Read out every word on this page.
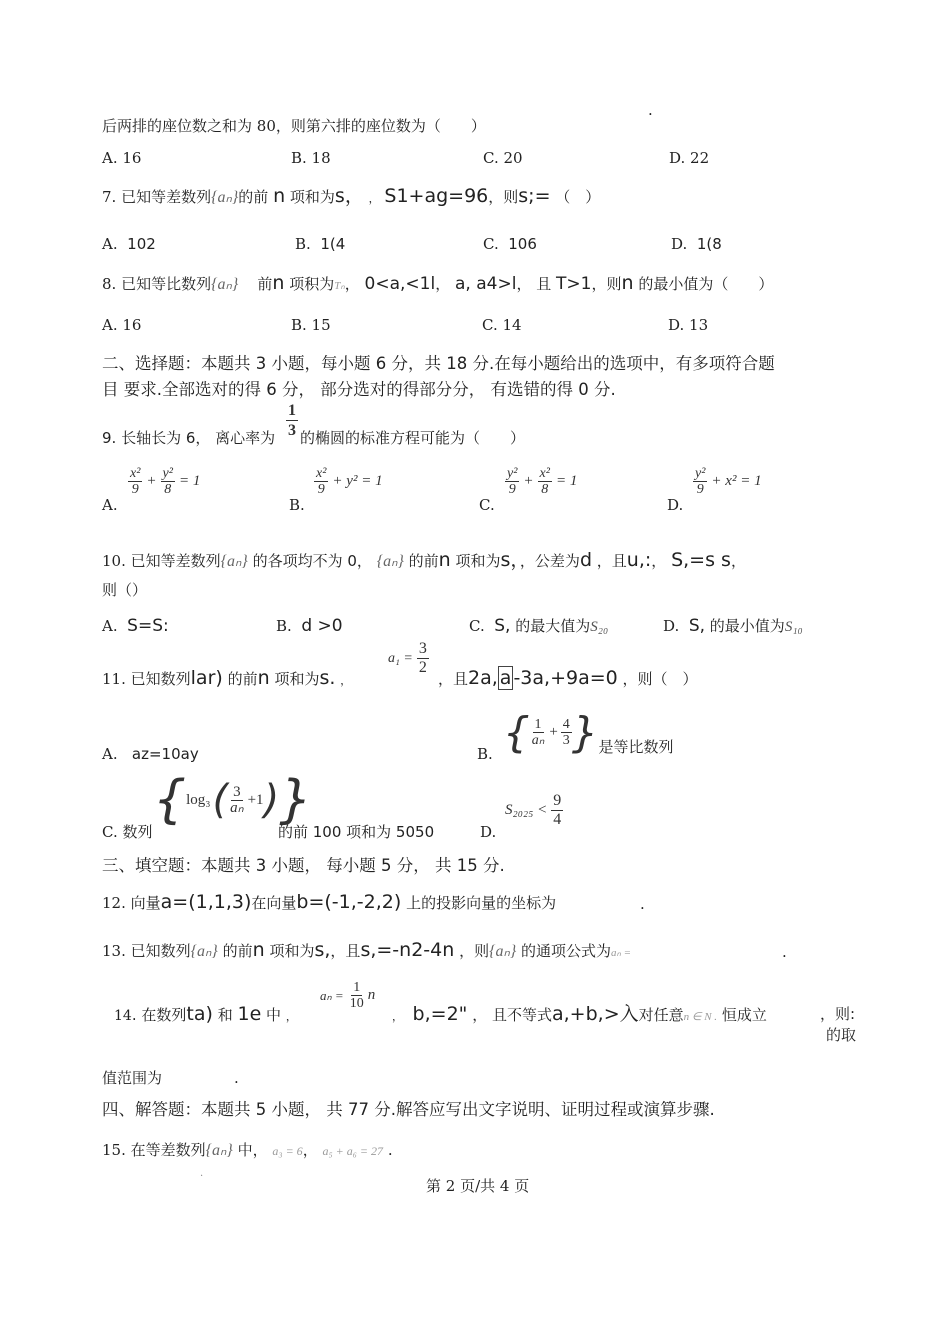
.
后两排的座位数之和为 80，则第六排的座位数为（　　）
A. 16	B. 18	C. 20	D. 22
7. 已知等差数列{aₙ}的前 n 项和为s， ， S1+ag=96，则s;= （　）
A.  102	B.  1(4	C.  106	D.  1(8
8. 已知等比数列{aₙ} 前n 项积为Tₙ， 0<a,<1l， a, a4>l， 且 T>1，则n 的最小值为（　　）
A. 16	B. 15	C. 14	D. 13
二、选择题：本题共 3 小题，每小题 6 分，共 18 分.在每小题给出的选项中，有多项符合题
目 要求.全部选对的得 6 分， 部分选对的得部分分， 有选错的得 0 分.
9. 长轴长为 6， 离心率为
1
3 的椭圆的标准方程可能为（　　）
A.
x²
9
+ $\frac{\text{y²}}{8} = 1$
B.
x²
9
+ y² = 1
C.
y²
9
+ $\frac{\text{x²}}{8} = 1$
D.
y²
9
+ x² = 1
10. 已知等差数列{aₙ} 的各项均不为 0， {aₙ} 的前n 项和为s，，公差为d ，且u,:， S,=s s，
则（）
A. S=S:	B. d >0	C. S, 的最大值为S₂₀	D. S, 的最小值为S₁₀
11. 已知数列lar) 的前n 项和为s. ，
$a_1 = \frac{3}{2}$
，且2a, a -3a,+9a=0 ，则（　）
A. az=10ay	B. { 1
aₙ
+ $\frac{4}{3}$ } 是等比数列
C. 数列
{ log₃ ( 3
aₙ +1 ) }
的前 100 项和为 5050	D.
S₂₀₂₅ <
9
4
三、填空题：本题共 3 小题， 每小题 5 分， 共 15 分.
12. 向量a=(1,1,3)在向量b=(-1,-2,2) 上的投影向量的坐标为	.
13. 已知数列{aₙ} 的前n 项和为s,，且s,=-n2-4n ，则{aₙ} 的通项公式为aₙ =	.
14. 在数列ta) 和 1e 中 ，
$a_n = \frac{1}{10}$ n
， b,=2" ， 且不等式a,+b,>入对任意n ∈ N . 恒成立	，则:
的取
值范围为	.
四、解答题：本题共 5 小题， 共 77 分.解答应写出文字说明、证明过程或演算步骤.
15. 在等差数列{aₙ} 中， a₃ = 6， a₅ + a₆ = 27 .
.
第 2 页/共 4 页
